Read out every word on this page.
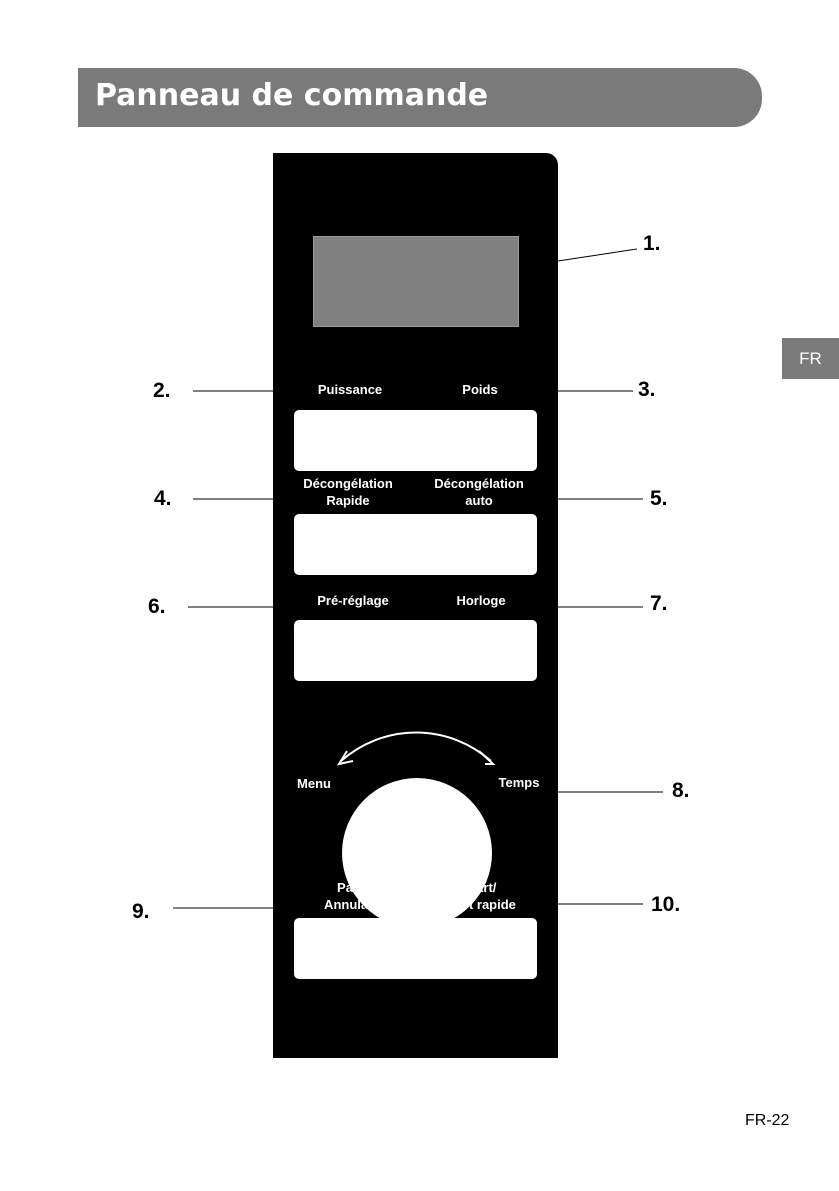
Panneau de commande
FR
Puissance	Poids
Décongélation
Rapide
Décongélation
auto
Pré-réglage	Horloge
Menu	Temps
Pause/
Annulation
Départ/
Départ rapide
1.
2.	3.
4.	5.
6.	7.
8.
9.	10.
FR-22
